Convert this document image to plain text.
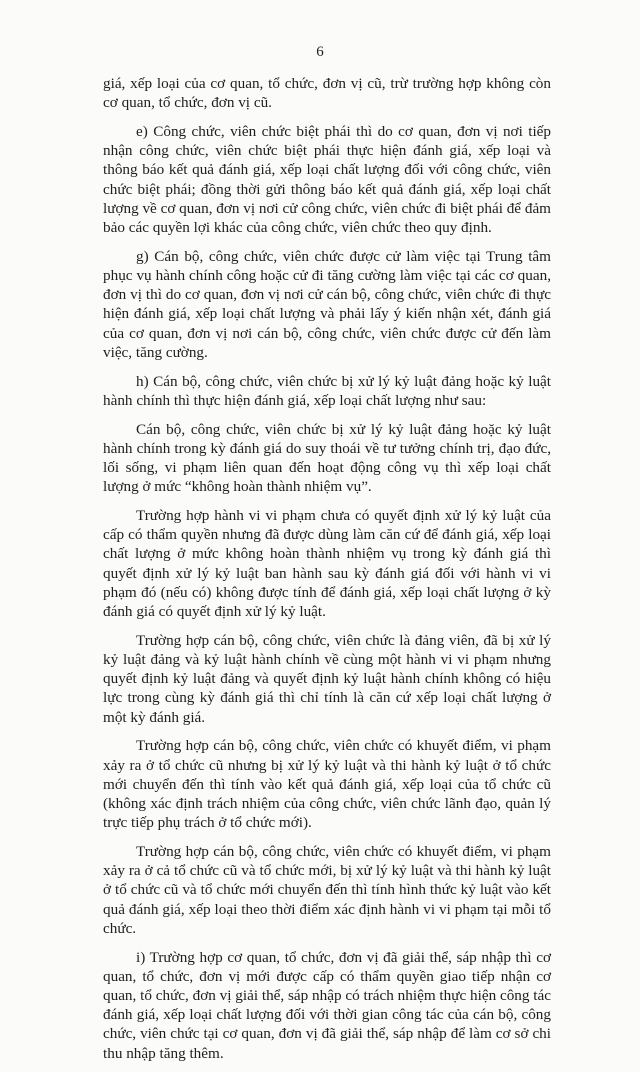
6

giá, xếp loại của cơ quan, tổ chức, đơn vị cũ, trừ trường hợp không còn cơ quan, tổ chức, đơn vị cũ.

e) Công chức, viên chức biệt phái thì do cơ quan, đơn vị nơi tiếp nhận công chức, viên chức biệt phái thực hiện đánh giá, xếp loại và thông báo kết quả đánh giá, xếp loại chất lượng đối với công chức, viên chức biệt phái; đồng thời gửi thông báo kết quả đánh giá, xếp loại chất lượng về cơ quan, đơn vị nơi cử công chức, viên chức đi biệt phái để đảm bảo các quyền lợi khác của công chức, viên chức theo quy định.

g) Cán bộ, công chức, viên chức được cử làm việc tại Trung tâm phục vụ hành chính công hoặc cử đi tăng cường làm việc tại các cơ quan, đơn vị thì do cơ quan, đơn vị nơi cử cán bộ, công chức, viên chức đi thực hiện đánh giá, xếp loại chất lượng và phải lấy ý kiến nhận xét, đánh giá của cơ quan, đơn vị nơi cán bộ, công chức, viên chức được cử đến làm việc, tăng cường.

h) Cán bộ, công chức, viên chức bị xử lý kỷ luật đảng hoặc kỷ luật hành chính thì thực hiện đánh giá, xếp loại chất lượng như sau:

Cán bộ, công chức, viên chức bị xử lý kỷ luật đảng hoặc kỷ luật hành chính trong kỳ đánh giá do suy thoái về tư tưởng chính trị, đạo đức, lối sống, vi phạm liên quan đến hoạt động công vụ thì xếp loại chất lượng ở mức “không hoàn thành nhiệm vụ”.

Trường hợp hành vi vi phạm chưa có quyết định xử lý kỷ luật của cấp có thẩm quyền nhưng đã được dùng làm căn cứ để đánh giá, xếp loại chất lượng ở mức không hoàn thành nhiệm vụ trong kỳ đánh giá thì quyết định xử lý kỷ luật ban hành sau kỳ đánh giá đối với hành vi vi phạm đó (nếu có) không được tính để đánh giá, xếp loại chất lượng ở kỳ đánh giá có quyết định xử lý kỷ luật.

Trường hợp cán bộ, công chức, viên chức là đảng viên, đã bị xử lý kỷ luật đảng và kỷ luật hành chính về cùng một hành vi vi phạm nhưng quyết định kỷ luật đảng và quyết định kỷ luật hành chính không có hiệu lực trong cùng kỳ đánh giá thì chỉ tính là căn cứ xếp loại chất lượng ở một kỳ đánh giá.

Trường hợp cán bộ, công chức, viên chức có khuyết điểm, vi phạm xảy ra ở tổ chức cũ nhưng bị xử lý kỷ luật và thi hành kỷ luật ở tổ chức mới chuyển đến thì tính vào kết quả đánh giá, xếp loại của tổ chức cũ (không xác định trách nhiệm của công chức, viên chức lãnh đạo, quản lý trực tiếp phụ trách ở tổ chức mới).

Trường hợp cán bộ, công chức, viên chức có khuyết điểm, vi phạm xảy ra ở cả tổ chức cũ và tổ chức mới, bị xử lý kỷ luật và thi hành kỷ luật ở tổ chức cũ và tổ chức mới chuyển đến thì tính hình thức kỷ luật vào kết quả đánh giá, xếp loại theo thời điểm xác định hành vi vi phạm tại mỗi tổ chức.

i) Trường hợp cơ quan, tổ chức, đơn vị đã giải thể, sáp nhập thì cơ quan, tổ chức, đơn vị mới được cấp có thẩm quyền giao tiếp nhận cơ quan, tổ chức, đơn vị giải thể, sáp nhập có trách nhiệm thực hiện công tác đánh giá, xếp loại chất lượng đối với thời gian công tác của cán bộ, công chức, viên chức tại cơ quan, đơn vị đã giải thể, sáp nhập để làm cơ sở chi thu nhập tăng thêm.
